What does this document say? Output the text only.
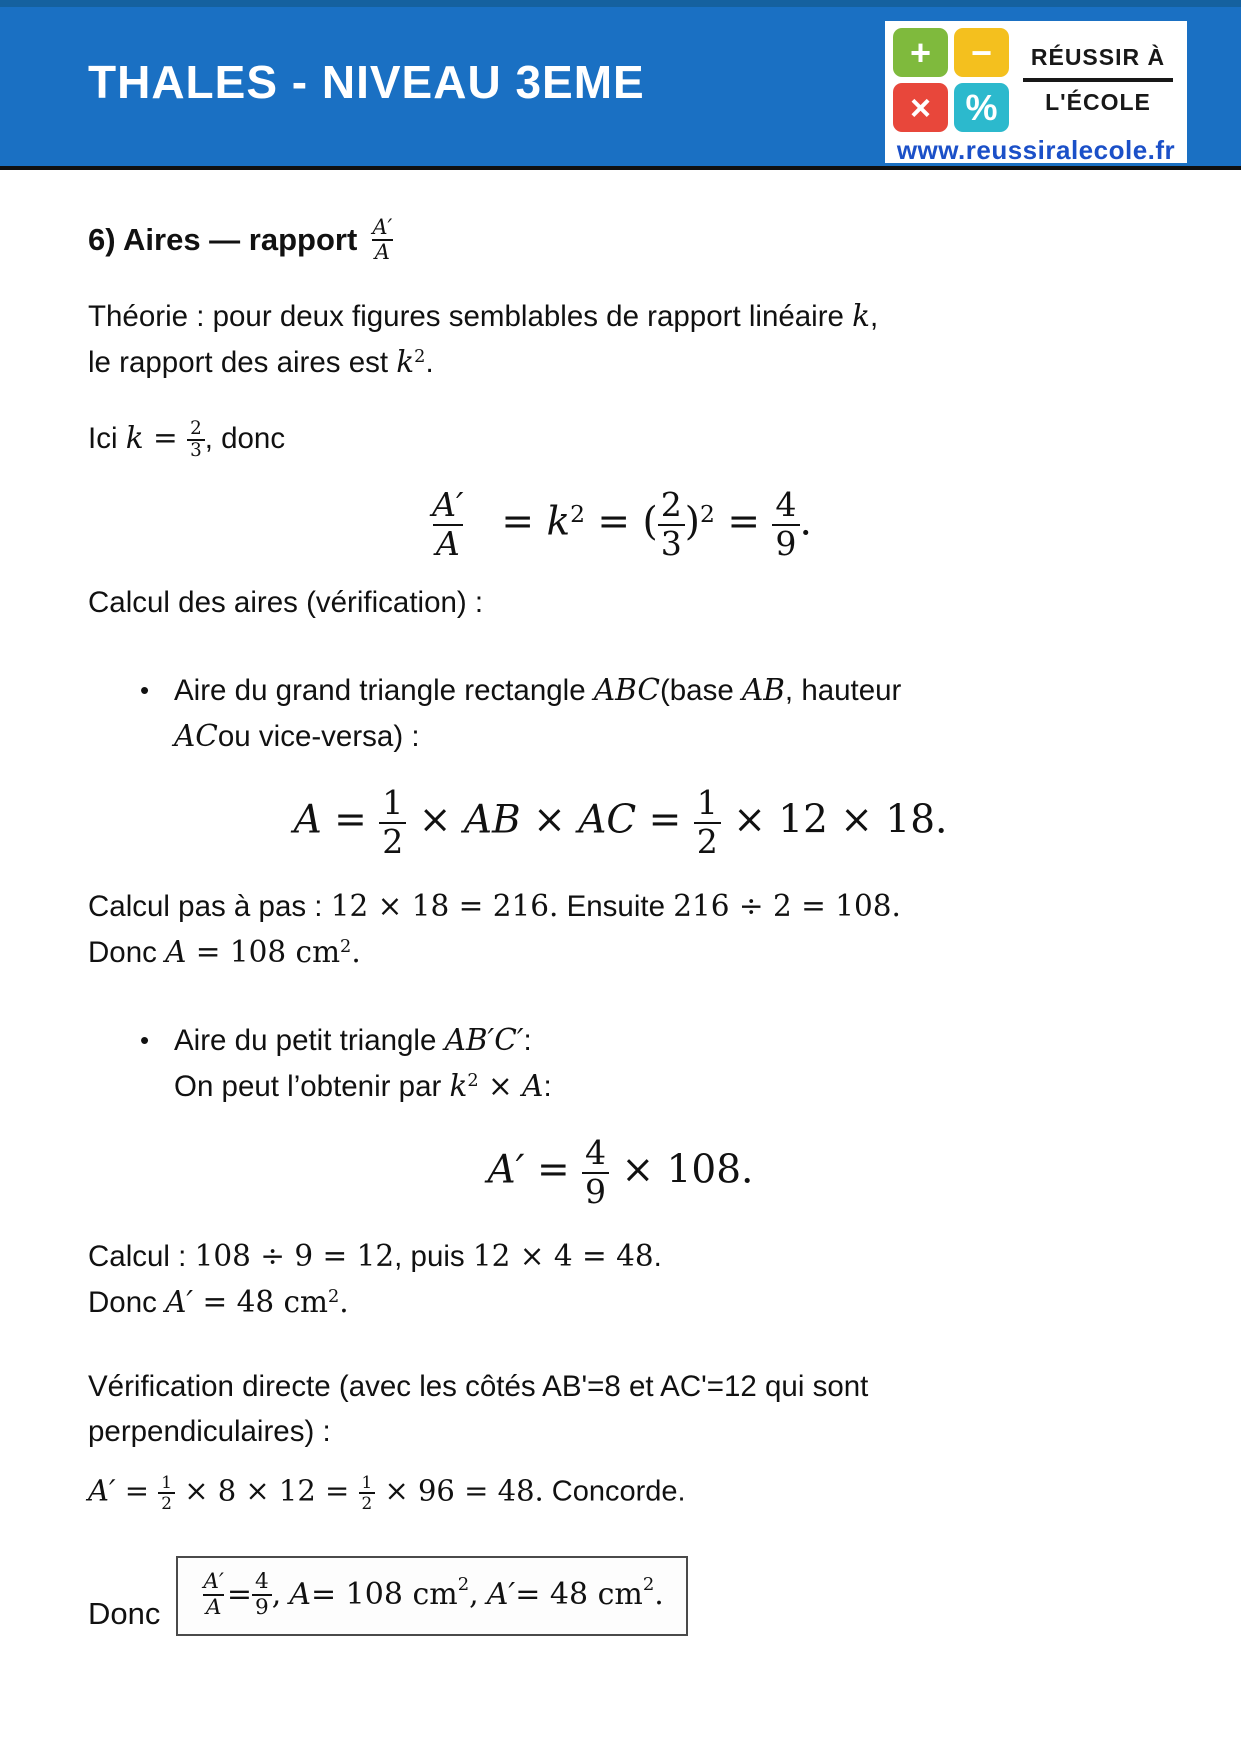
THALES - NIVEAU 3EME
+	−
× %
RÉUSSIR À
L'ÉCOLE
www.reussiralecole.fr
6) Aires — rapport $\frac{A'}{A}$

Théorie : pour deux figures semblables de rapport linéaire k,
le rapport des aires est $k^2$.

Ici $k = \frac{2}{3}$ , donc

$\frac{A'}{A} = k^2$ = ( $\frac{2}{3} )^2 = \frac{4}{9}$ .

Calcul des aires (vérification) :

• Aire du grand triangle rectangle ABC(base AB, hauteur
ACou vice-versa) :
$A = \frac{1}{2}$ × AB × AC = $\frac{1}{2} \times 12 \times 18$.

Calcul pas à pas : 12 × 18 = 216. Ensuite 216 ÷ 2 = 108.
Donc A = 108 $cm^2$.

• Aire du petit triangle AB′C′:
On peut l’obtenir par $k^2 \times A$:
$A' = \frac{4}{9} \times 108$.

Calcul : 108 ÷ 9 = 12, puis 12 × 4 = 48.
Donc A′ = 48 $cm^2$.

Vérification directe (avec les côtés AB'=8 et AC'=12 qui sont
perpendiculaires) :

$A' = \frac{1}{2} \times 8 \times 12 = \frac{1}{2} \times 96 = 48$. Concorde.
Donc $\frac{A'}{A} = \frac{4}{9}$ , A = 108 cm 2 , A′ = 48 cm 2 .
